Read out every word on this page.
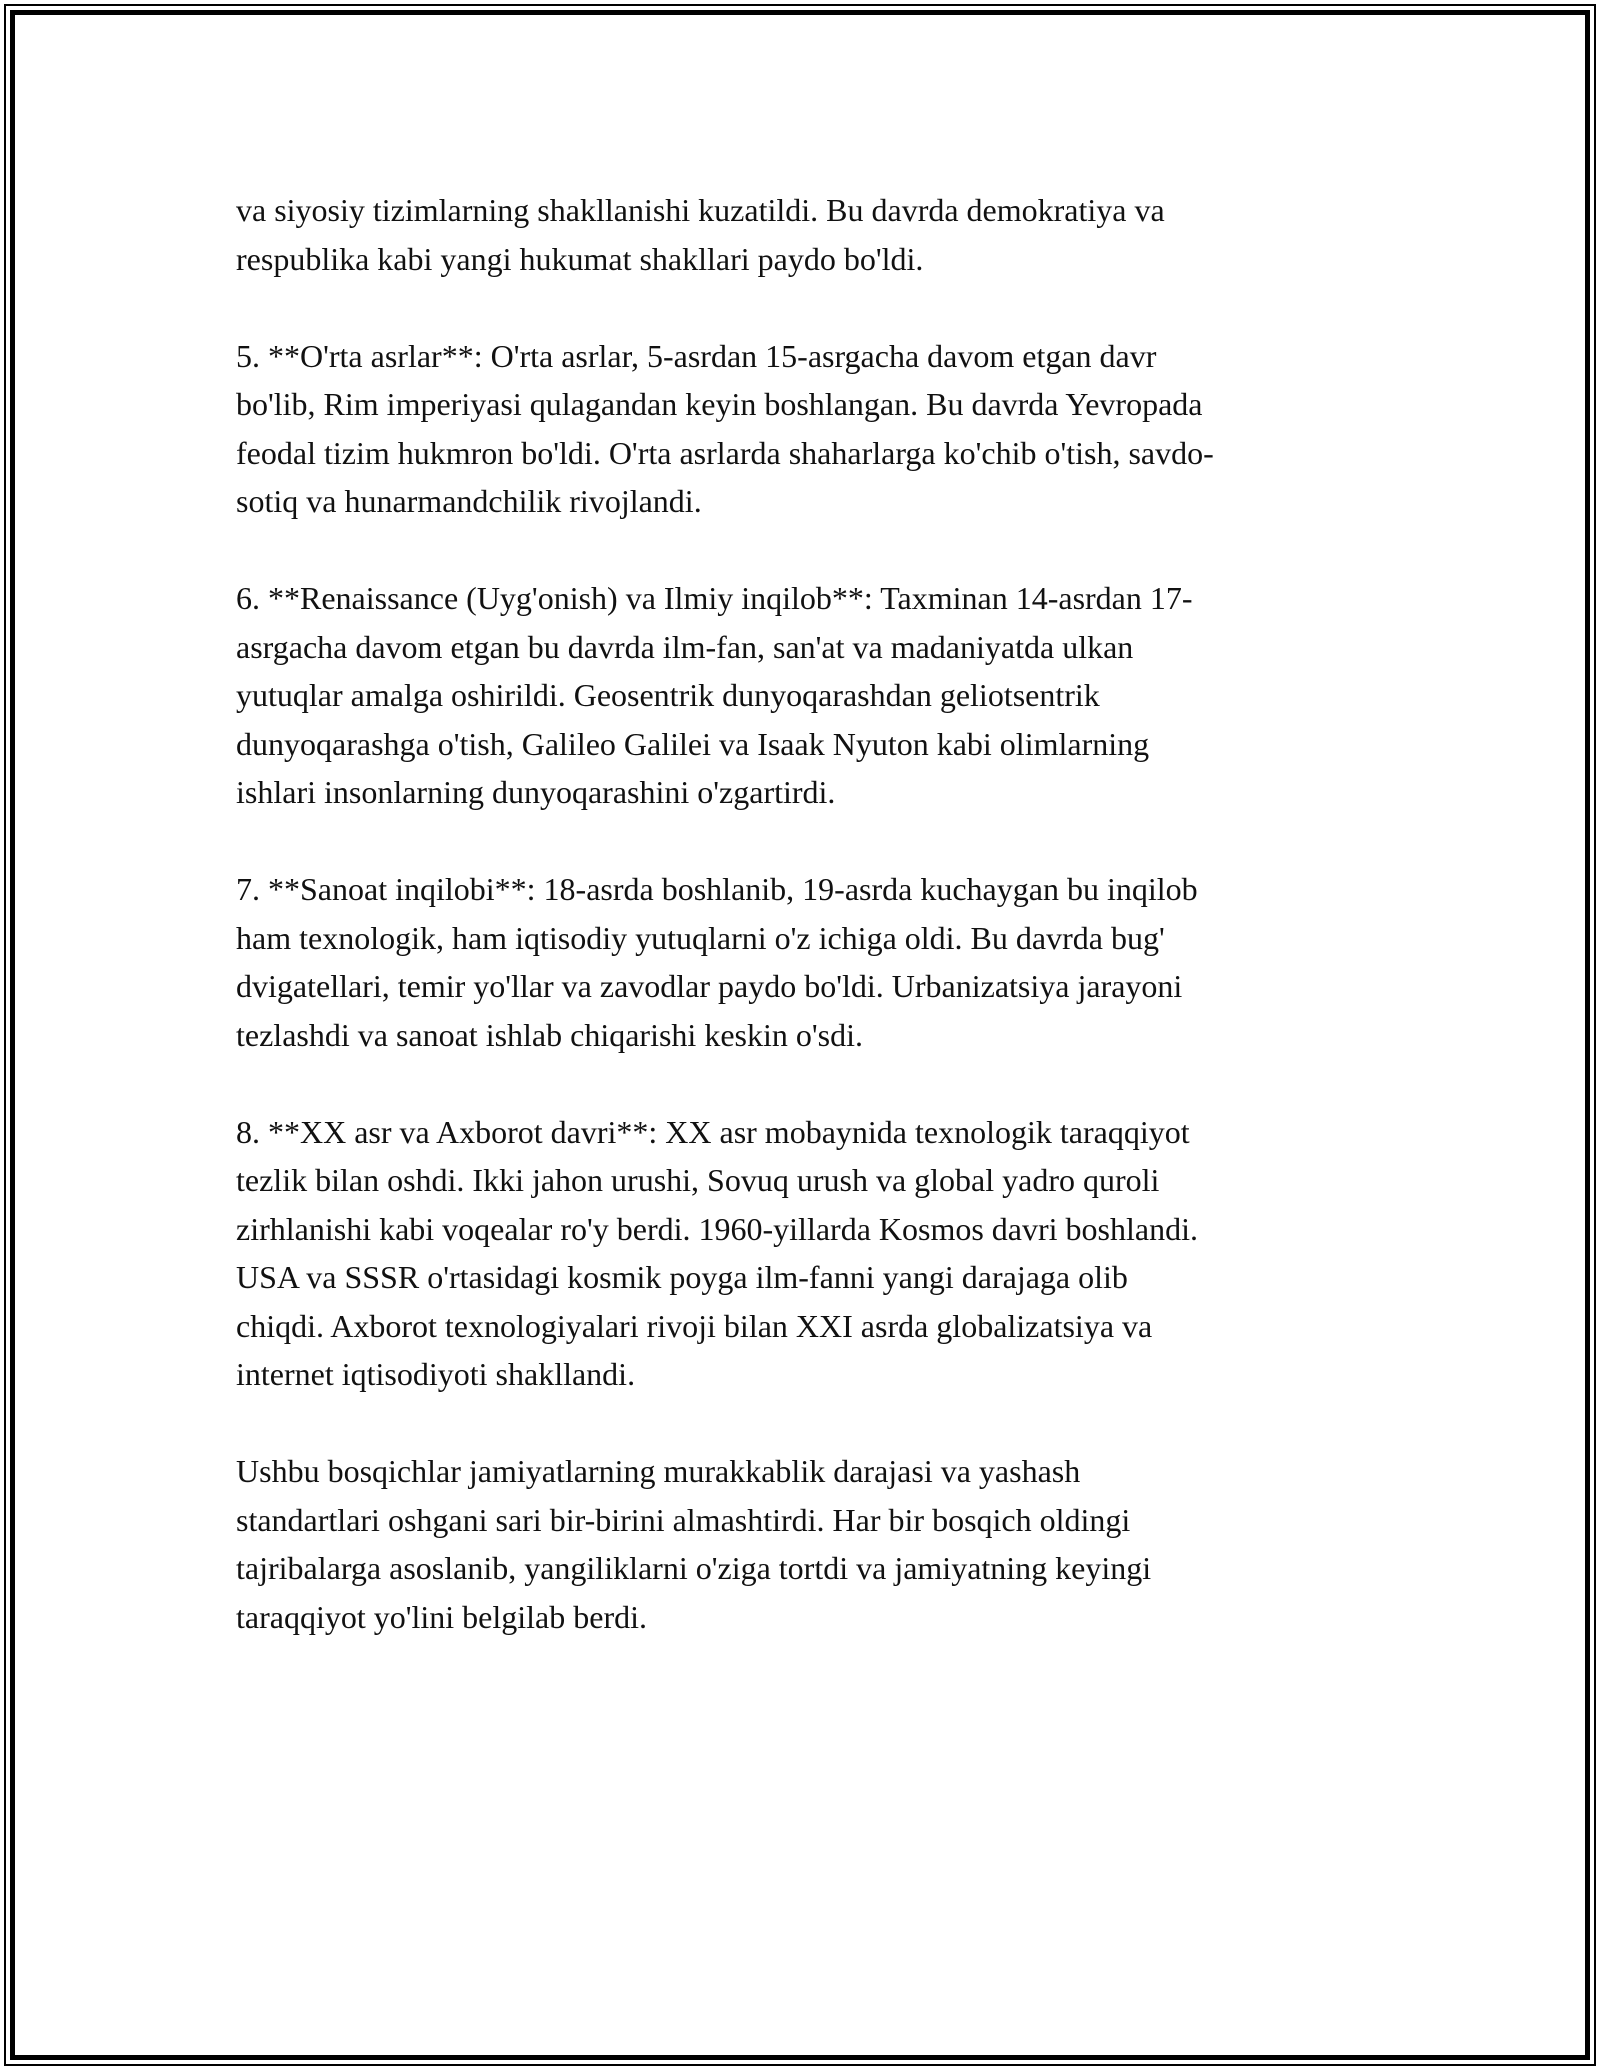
va siyosiy tizimlarning shakllanishi kuzatildi. Bu davrda demokratiya va
respublika kabi yangi hukumat shakllari paydo bo'ldi.

5. **O'rta asrlar**: O'rta asrlar, 5-asrdan 15-asrgacha davom etgan davr
bo'lib, Rim imperiyasi qulagandan keyin boshlangan. Bu davrda Yevropada
feodal tizim hukmron bo'ldi. O'rta asrlarda shaharlarga ko'chib o'tish, savdo-
sotiq va hunarmandchilik rivojlandi.

6. **Renaissance (Uyg'onish) va Ilmiy inqilob**: Taxminan 14-asrdan 17-
asrgacha davom etgan bu davrda ilm-fan, san'at va madaniyatda ulkan
yutuqlar amalga oshirildi. Geosentrik dunyoqarashdan geliotsentrik
dunyoqarashga o'tish, Galileo Galilei va Isaak Nyuton kabi olimlarning
ishlari insonlarning dunyoqarashini o'zgartirdi.

7. **Sanoat inqilobi**: 18-asrda boshlanib, 19-asrda kuchaygan bu inqilob
ham texnologik, ham iqtisodiy yutuqlarni o'z ichiga oldi. Bu davrda bug'
dvigatellari, temir yo'llar va zavodlar paydo bo'ldi. Urbanizatsiya jarayoni
tezlashdi va sanoat ishlab chiqarishi keskin o'sdi.

8. **XX asr va Axborot davri**: XX asr mobaynida texnologik taraqqiyot
tezlik bilan oshdi. Ikki jahon urushi, Sovuq urush va global yadro quroli
zirhlanishi kabi voqealar ro'y berdi. 1960-yillarda Kosmos davri boshlandi.
USA va SSSR o'rtasidagi kosmik poyga ilm-fanni yangi darajaga olib
chiqdi. Axborot texnologiyalari rivoji bilan XXI asrda globalizatsiya va
internet iqtisodiyoti shakllandi.

Ushbu bosqichlar jamiyatlarning murakkablik darajasi va yashash
standartlari oshgani sari bir-birini almashtirdi. Har bir bosqich oldingi
tajribalarga asoslanib, yangiliklarni o'ziga tortdi va jamiyatning keyingi
taraqqiyot yo'lini belgilab berdi.
